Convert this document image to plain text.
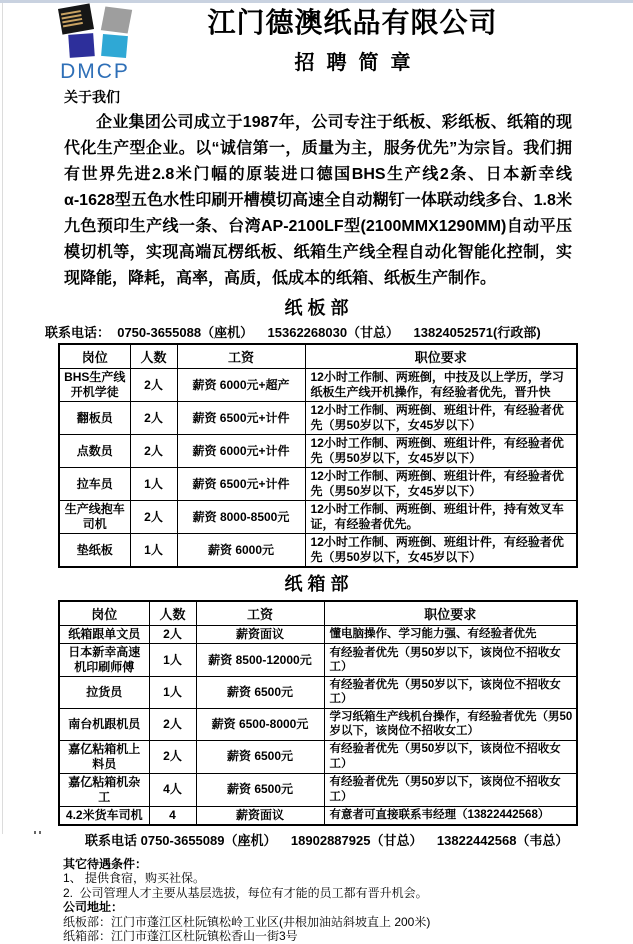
DMCP
江门德澳纸品有限公司
招聘简章
关于我们
企业集团公司成立于1987年，公司专注于纸板、彩纸板、纸箱的现代化生产型企业。以“诚信第一，质量为主，服务优先”为宗旨。我们拥有世界先进2.8米门幅的原装进口德国BHS生产线2条、日本新幸线 α-1628型五色水性印刷开槽模切高速全自动糊钉一体联动线多台、1.8米九色预印生产线一条、台湾AP-2100LF型(2100MMX1290MM)自动平压模切机等，实现高端瓦楞纸板、纸箱生产线全程自动化智能化控制，实现降能，降耗，高率，高质，低成本的纸箱、纸板生产制作。
纸板部
联系电话：  0750-3655088（座机）    15362268030（甘总）    13824052571(行政部)
岗位	人数	工资	职位要求
BHS生产线开机学徒	2人	薪资 6000元+超产	12小时工作制、两班倒，中技及以上学历，学习纸板生产线开机操作，有经验者优先，晋升快
翻板员	2人	薪资 6500元+计件	12小时工作制、两班倒、班组计件，有经验者优先（男50岁以下，女45岁以下）
点数员	2人	薪资 6000元+计件	12小时工作制、两班倒、班组计件，有经验者优先（男50岁以下，女45岁以下）
拉车员	1人	薪资 6500元+计件	12小时工作制、两班倒、班组计件，有经验者优先（男50岁以下，女45岁以下）
生产线抱车司机	2人	薪资 8000-8500元	12小时工作制、两班倒、班组计件，持有效叉车证，有经验者优先。
垫纸板	1人	薪资 6000元	12小时工作制、两班倒、班组计件，有经验者优先（男50岁以下，女45岁以下）
纸箱部
岗位	人数	工资	职位要求
纸箱跟单文员	2人	薪资面议	懂电脑操作、学习能力强、有经验者优先
日本新幸高速机印刷师傅	1人	薪资 8500-12000元	有经验者优先（男50岁以下，该岗位不招收女工）
拉货员	1人	薪资 6500元	有经验者优先（男50岁以下，该岗位不招收女工）
南台机跟机员	2人	薪资 6500-8000元	学习纸箱生产线机台操作，有经验者优先（男50岁以下，该岗位不招收女工）
嘉亿粘箱机上料员	2人	薪资 6500元	有经验者优先（男50岁以下，该岗位不招收女工）
嘉亿粘箱机杂工	4人	薪资 6500元	有经验者优先（男50岁以下，该岗位不招收女工）
4.2米货车司机	4	薪资面议	有意者可直接联系韦经理（13822442568）
联系电话 0750-3655089（座机）    18902887925（甘总）    13822442568（韦总）
其它待遇条件：
1、 提供食宿，购买社保。
2.  公司管理人才主要从基层选拔，每位有才能的员工都有晋升机会。
公司地址：
纸板部：江门市蓬江区杜阮镇松岭工业区(井根加油站斜坡直上 200米)
纸箱部：江门市蓬江区杜阮镇松香山一街3号
